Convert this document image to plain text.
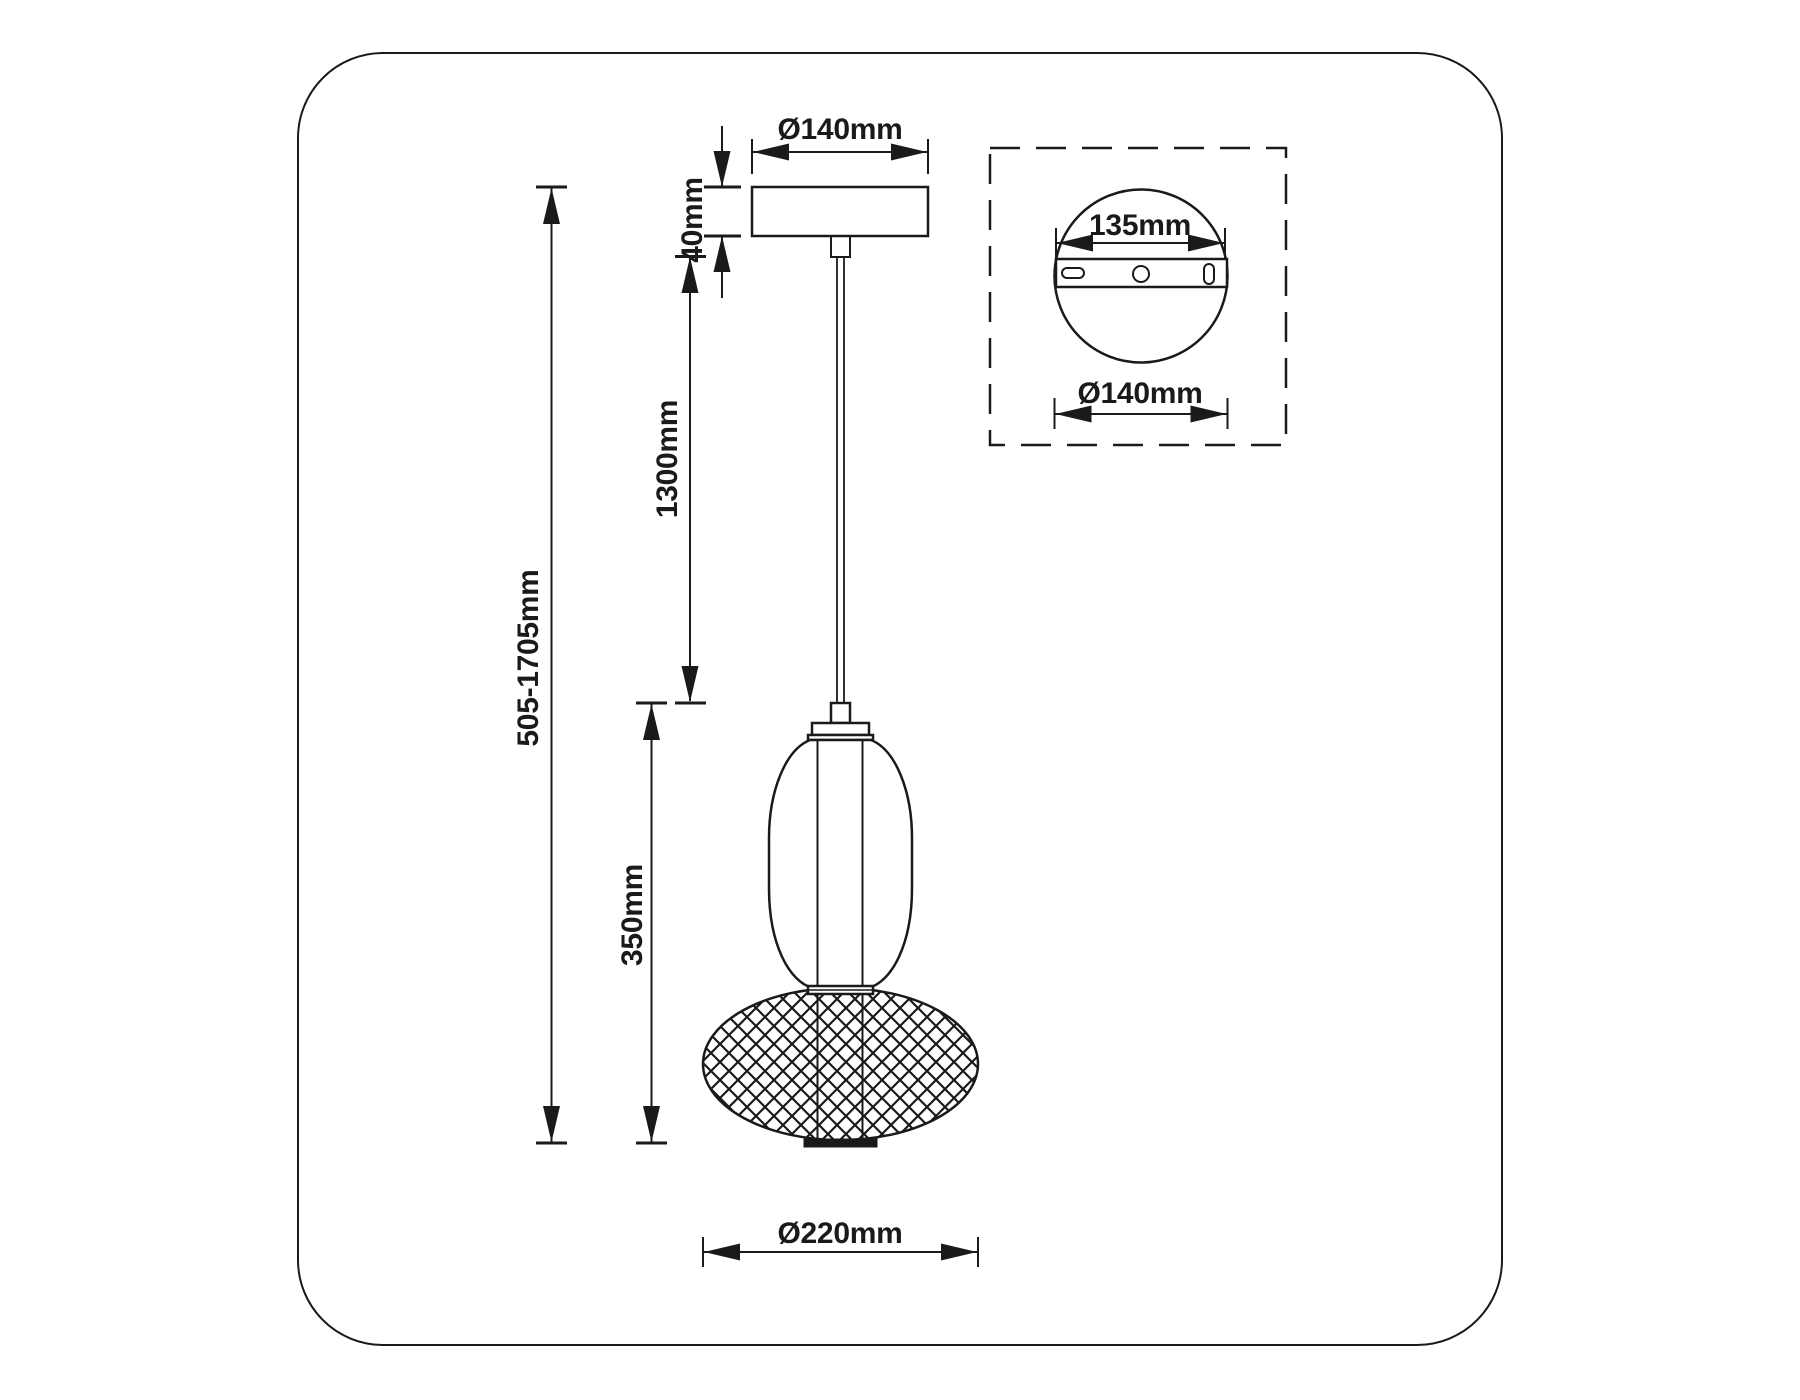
505-1705mm
1300mm
350mm
40mm
Ø140mm
Ø220mm
135mm
Ø140mm
